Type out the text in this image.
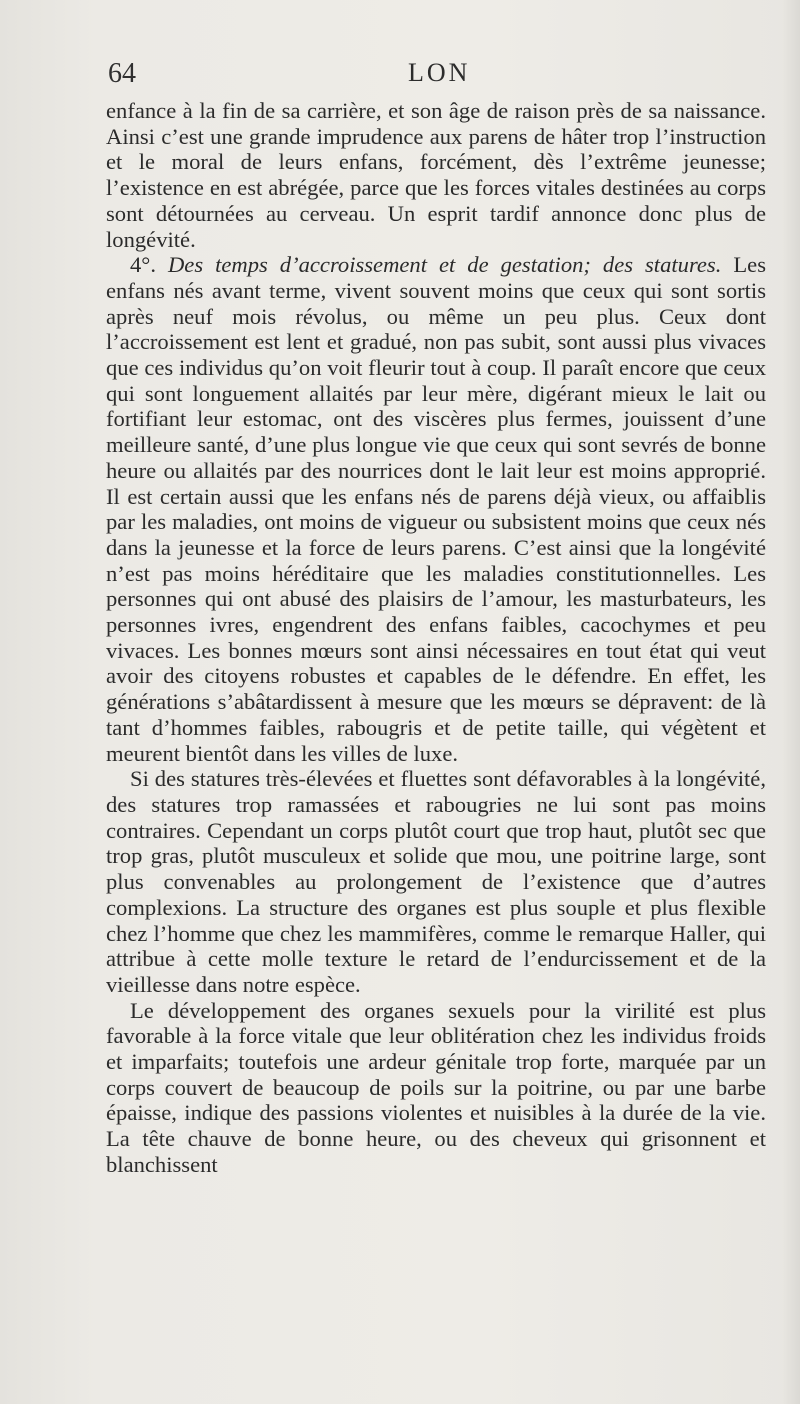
64	LON

enfance à la fin de sa carrière, et son âge de raison près de sa naissance. Ainsi c’est une grande imprudence aux parens de hâter trop l’instruction et le moral de leurs enfans, forcément, dès l’extrême jeunesse; l’existence en est abrégée, parce que les forces vitales destinées au corps sont détournées au cerveau. Un esprit tardif annonce donc plus de longévité.

4°. Des temps d’accroissement et de gestation; des statures. Les enfans nés avant terme, vivent souvent moins que ceux qui sont sortis après neuf mois révolus, ou même un peu plus. Ceux dont l’accroissement est lent et gradué, non pas subit, sont aussi plus vivaces que ces individus qu’on voit fleurir tout à coup. Il paraît encore que ceux qui sont longuement allaités par leur mère, digérant mieux le lait ou fortifiant leur estomac, ont des viscères plus fermes, jouissent d’une meilleure santé, d’une plus longue vie que ceux qui sont sevrés de bonne heure ou allaités par des nourrices dont le lait leur est moins approprié. Il est certain aussi que les enfans nés de parens déjà vieux, ou affaiblis par les maladies, ont moins de vigueur ou subsistent moins que ceux nés dans la jeunesse et la force de leurs parens. C’est ainsi que la longévité n’est pas moins héréditaire que les maladies constitutionnelles. Les personnes qui ont abusé des plaisirs de l’amour, les masturbateurs, les personnes ivres, engendrent des enfans faibles, cacochymes et peu vivaces. Les bonnes mœurs sont ainsi nécessaires en tout état qui veut avoir des citoyens robustes et capables de le défendre. En effet, les générations s’abâtardissent à mesure que les mœurs se dépravent: de là tant d’hommes faibles, rabougris et de petite taille, qui végètent et meurent bientôt dans les villes de luxe.

Si des statures très-élevées et fluettes sont défavorables à la longévité, des statures trop ramassées et rabougries ne lui sont pas moins contraires. Cependant un corps plutôt court que trop haut, plutôt sec que trop gras, plutôt musculeux et solide que mou, une poitrine large, sont plus convenables au prolongement de l’existence que d’autres complexions. La structure des organes est plus souple et plus flexible chez l’homme que chez les mammifères, comme le remarque Haller, qui attribue à cette molle texture le retard de l’endurcissement et de la vieillesse dans notre espèce.

Le développement des organes sexuels pour la virilité est plus favorable à la force vitale que leur oblitération chez les individus froids et imparfaits; toutefois une ardeur génitale trop forte, marquée par un corps couvert de beaucoup de poils sur la poitrine, ou par une barbe épaisse, indique des passions violentes et nuisibles à la durée de la vie. La tête chauve de bonne heure, ou des cheveux qui grisonnent et blanchissent
